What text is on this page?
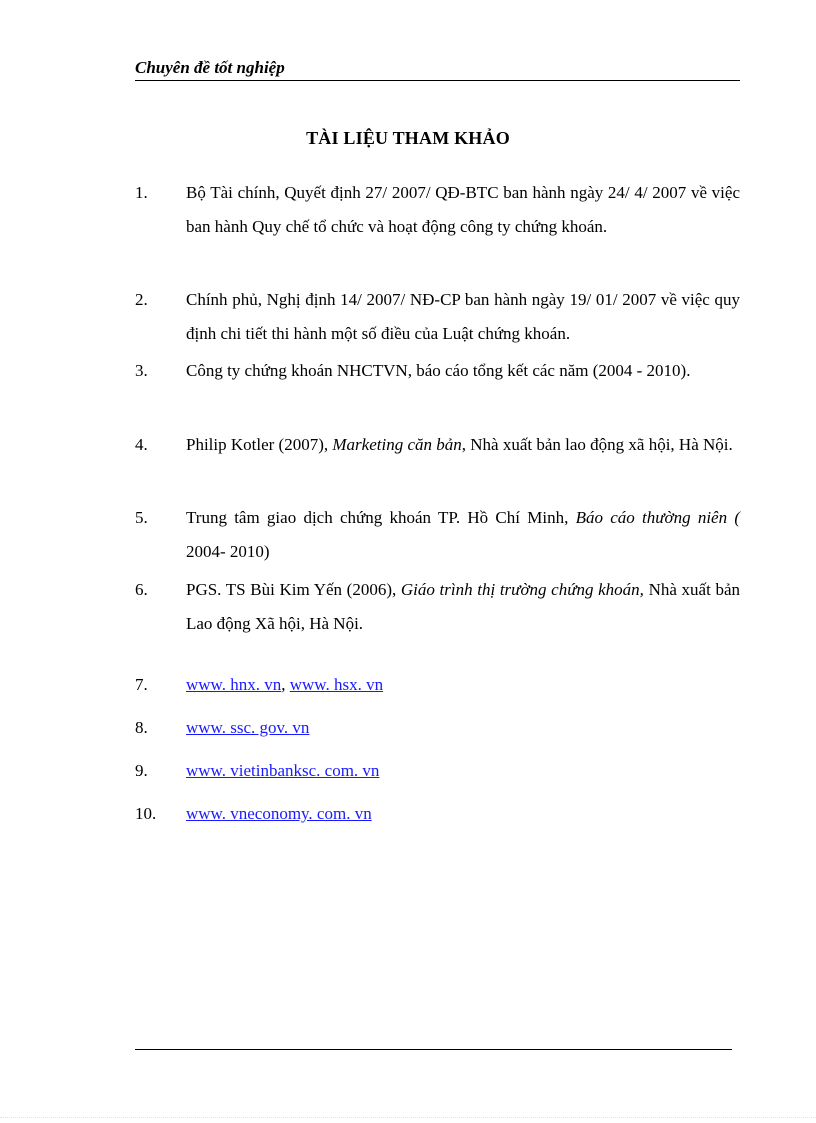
Chuyên đề tốt nghiệp
TÀI LIỆU THAM KHẢO
1.	Bộ Tài chính, Quyết định 27/ 2007/ QĐ-BTC ban hành ngày 24/ 4/ 2007 về việc ban hành Quy chế tổ chức và hoạt động công ty chứng khoán.
2.	Chính phủ, Nghị định 14/ 2007/ NĐ-CP ban hành ngày 19/ 01/ 2007 về việc quy định chi tiết thi hành một số điều của Luật chứng khoán.
3.	Công ty chứng khoán NHCTVN, báo cáo tổng kết các năm (2004 - 2010).
4.	Philip Kotler (2007), Marketing căn bản, Nhà xuất bản lao động xã hội, Hà Nội.
5.	Trung tâm giao dịch chứng khoán TP. Hồ Chí Minh, Báo cáo thường niên ( 2004- 2010)
6.	PGS. TS Bùi Kim Yến (2006), Giáo trình thị trường chứng khoán, Nhà xuất bản Lao động Xã hội, Hà Nội.
7.	www. hnx. vn, www. hsx. vn
8.	www. ssc. gov. vn
9.	www. vietinbanksc. com. vn
10.	www. vneconomy. com. vn
